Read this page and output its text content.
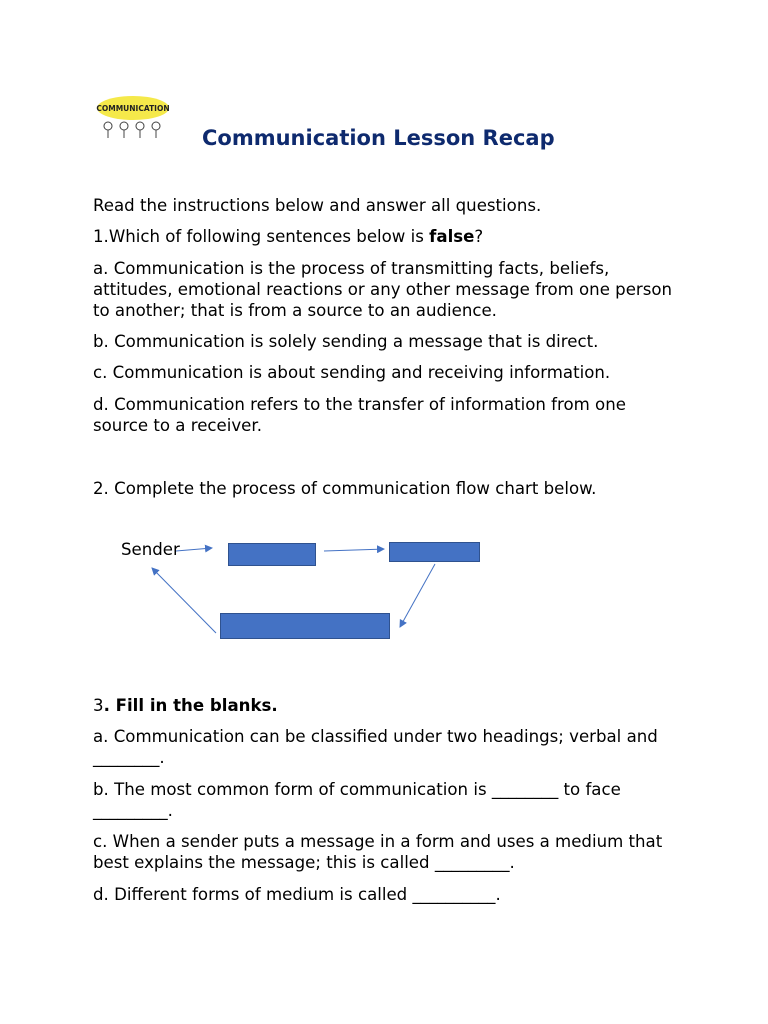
COMMUNICATION
Communication Lesson Recap
Read the instructions below and answer all questions.
1.Which of following sentences below is false?
a. Communication is the process of transmitting facts, beliefs, attitudes, emotional reactions or any other message from one person to another; that is from a source to an audience.
b. Communication is solely sending a message that is direct.
c. Communication is about sending and receiving information.
d. Communication refers to the transfer of information from one source to a receiver.
2. Complete the process of communication flow chart below.
Sender
3. Fill in the blanks.
a. Communication can be classified under two headings; verbal and ________.
b. The most common form of communication is ________ to face _________.
c. When a sender puts a message in a form and uses a medium that best explains the message; this is called _________.
d. Different forms of medium is called __________.
